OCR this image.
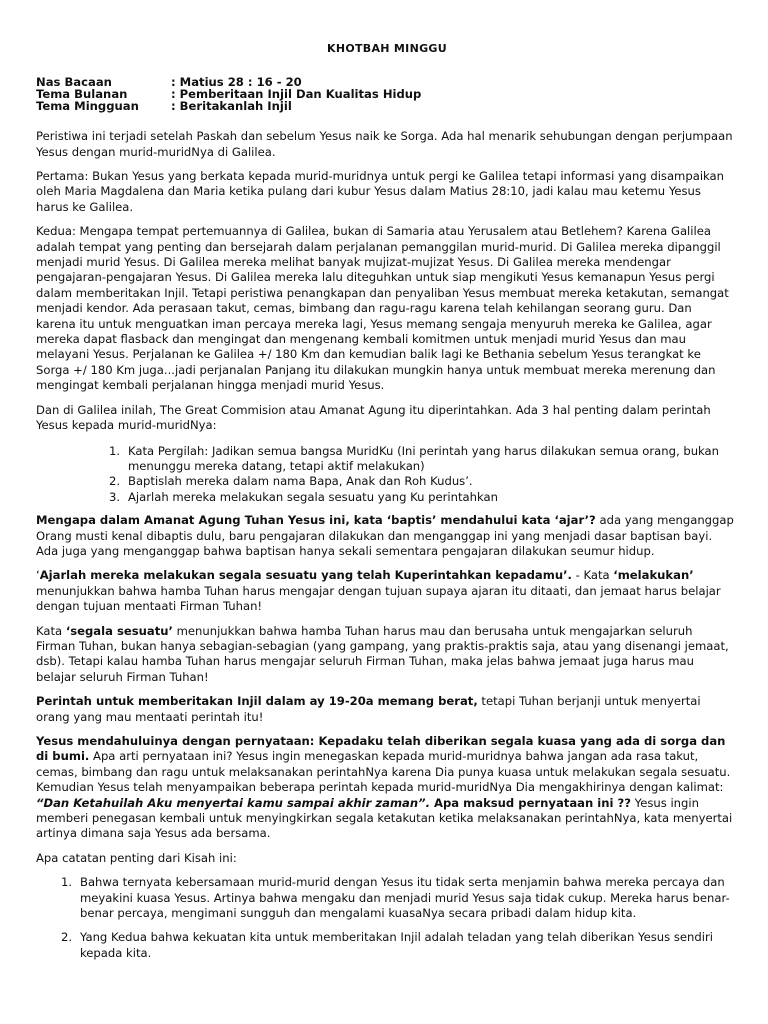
KHOTBAH MINGGU
Nas Bacaan	: Matius 28 : 16 - 20
Tema Bulanan	: Pemberitaan Injil Dan Kualitas Hidup
Tema Mingguan	: Beritakanlah Injil

Peristiwa ini terjadi setelah Paskah dan sebelum Yesus naik ke Sorga. Ada hal menarik sehubungan dengan perjumpaan Yesus dengan murid-muridNya di Galilea.

Pertama: Bukan Yesus yang berkata kepada murid-muridnya untuk pergi ke Galilea tetapi informasi yang disampaikan oleh Maria Magdalena dan Maria ketika pulang dari kubur Yesus dalam Matius 28:10, jadi kalau mau ketemu Yesus harus ke Galilea.

Kedua: Mengapa tempat pertemuannya di Galilea, bukan di Samaria atau Yerusalem atau Betlehem? Karena Galilea adalah tempat yang penting dan bersejarah dalam perjalanan pemanggilan murid-murid. Di Galilea mereka dipanggil menjadi murid Yesus. Di Galilea mereka melihat banyak mujizat-mujizat Yesus. Di Galilea mereka mendengar pengajaran-pengajaran Yesus. Di Galilea mereka lalu diteguhkan untuk siap mengikuti Yesus kemanapun Yesus pergi dalam memberitakan Injil. Tetapi peristiwa penangkapan dan penyaliban Yesus membuat mereka ketakutan, semangat menjadi kendor. Ada perasaan takut, cemas, bimbang dan ragu-ragu karena telah kehilangan seorang guru. Dan karena itu untuk menguatkan iman percaya mereka lagi, Yesus memang sengaja menyuruh mereka ke Galilea, agar mereka dapat flasback dan mengingat dan mengenang kembali komitmen untuk menjadi murid Yesus dan mau melayani Yesus. Perjalanan ke Galilea +/ 180 Km dan kemudian balik lagi ke Bethania sebelum Yesus terangkat ke Sorga +/ 180 Km juga...jadi perjanalan Panjang itu dilakukan mungkin hanya untuk membuat mereka merenung dan mengingat kembali perjalanan hingga menjadi murid Yesus.

Dan di Galilea inilah, The Great Commision atau Amanat Agung itu diperintahkan. Ada 3 hal penting dalam perintah Yesus kepada murid-muridNya:

1. Kata Pergilah: Jadikan semua bangsa MuridKu (Ini perintah yang harus dilakukan semua orang, bukan menunggu mereka datang, tetapi aktif melakukan)
2. Baptislah mereka dalam nama Bapa, Anak dan Roh Kudus’.
3. Ajarlah mereka melakukan segala sesuatu yang Ku perintahkan

Mengapa dalam Amanat Agung Tuhan Yesus ini, kata ‘baptis’ mendahului kata ‘ajar’? ada yang menganggap Orang musti kenal dibaptis dulu, baru pengajaran dilakukan dan menganggap ini yang menjadi dasar baptisan bayi. Ada juga yang menganggap bahwa baptisan hanya sekali sementara pengajaran dilakukan seumur hidup.

‘Ajarlah mereka melakukan segala sesuatu yang telah Kuperintahkan kepadamu’. - Kata ‘melakukan’ menunjukkan bahwa hamba Tuhan harus mengajar dengan tujuan supaya ajaran itu ditaati, dan jemaat harus belajar dengan tujuan mentaati Firman Tuhan!

Kata ‘segala sesuatu’ menunjukkan bahwa hamba Tuhan harus mau dan berusaha untuk mengajarkan seluruh Firman Tuhan, bukan hanya sebagian-sebagian (yang gampang, yang praktis-praktis saja, atau yang disenangi jemaat, dsb). Tetapi kalau hamba Tuhan harus mengajar seluruh Firman Tuhan, maka jelas bahwa jemaat juga harus mau belajar seluruh Firman Tuhan!

Perintah untuk memberitakan Injil dalam ay 19-20a memang berat, tetapi Tuhan berjanji untuk menyertai orang yang mau mentaati perintah itu!

Yesus mendahuluinya dengan pernyataan: Kepadaku telah diberikan segala kuasa yang ada di sorga dan di bumi. Apa arti pernyataan ini? Yesus ingin menegaskan kepada murid-muridnya bahwa jangan ada rasa takut, cemas, bimbang dan ragu untuk melaksanakan perintahNya karena Dia punya kuasa untuk melakukan segala sesuatu. Kemudian Yesus telah menyampaikan beberapa perintah kepada murid-muridNya Dia mengakhirinya dengan kalimat: “Dan Ketahuilah Aku menyertai kamu sampai akhir zaman”. Apa maksud pernyataan ini ?? Yesus ingin memberi penegasan kembali untuk menyingkirkan segala ketakutan ketika melaksanakan perintahNya, kata menyertai artinya dimana saja Yesus ada bersama.

Apa catatan penting dari Kisah ini:

1. Bahwa ternyata kebersamaan murid-murid dengan Yesus itu tidak serta menjamin bahwa mereka percaya dan meyakini kuasa Yesus. Artinya bahwa mengaku dan menjadi murid Yesus saja tidak cukup. Mereka harus benar-benar percaya, mengimani sungguh dan mengalami kuasaNya secara pribadi dalam hidup kita.
2. Yang Kedua bahwa kekuatan kita untuk memberitakan Injil adalah teladan yang telah diberikan Yesus sendiri kepada kita.
